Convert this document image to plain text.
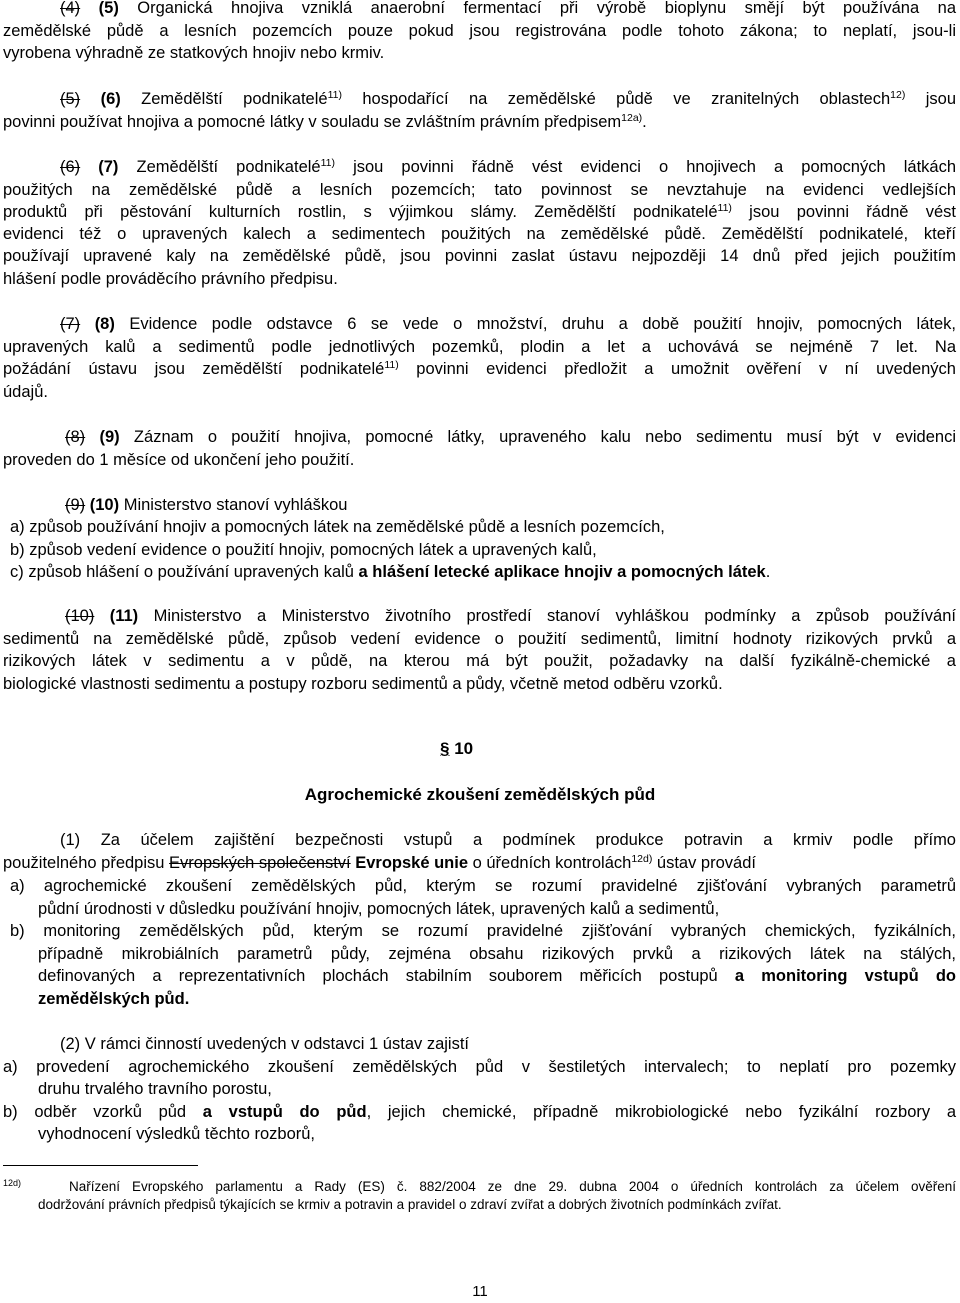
(4) (5) Organická hnojiva vzniklá anaerobní fermentací při výrobě bioplynu smějí být používána na

zemědělské půdě a lesních pozemcích pouze pokud jsou registrována podle tohoto zákona; to neplatí, jsou-li

vyrobena výhradně ze statkových hnojiv nebo krmiv.

(5) (6) Zemědělští podnikatelé$^{11)}$ hospodařící na zemědělské půdě ve zranitelných oblastech$^{12)}$ jsou

povinni používat hnojiva a pomocné látky v souladu se zvláštním právním předpisem$^{12a)}$.

(6) (7) Zemědělští podnikatelé$^{11)}$ jsou povinni řádně vést evidenci o hnojivech a pomocných látkách

použitých na zemědělské půdě a lesních pozemcích; tato povinnost se nevztahuje na evidenci vedlejších

produktů při pěstování kulturních rostlin, s výjimkou slámy. Zemědělští podnikatelé$^{11)}$ jsou povinni řádně vést

evidenci též o upravených kalech a sedimentech použitých na zemědělské půdě. Zemědělští podnikatelé, kteří

používají upravené kaly na zemědělské půdě, jsou povinni zaslat ústavu nejpozději 14 dnů před jejich použitím

hlášení podle prováděcího právního předpisu.

(7) (8) Evidence podle odstavce 6 se vede o množství, druhu a době použití hnojiv, pomocných látek,

upravených kalů a sedimentů podle jednotlivých pozemků, plodin a let a uchovává se nejméně 7 let. Na

požádání ústavu jsou zemědělští podnikatelé$^{11)}$ povinni evidenci předložit a umožnit ověření v ní uvedených

údajů.

(8) (9) Záznam o použití hnojiva, pomocné látky, upraveného kalu nebo sedimentu musí být v evidenci

proveden do 1 měsíce od ukončení jeho použití.

(9) (10) Ministerstvo stanoví vyhláškou

a) způsob používání hnojiv a pomocných látek na zemědělské půdě a lesních pozemcích,

b) způsob vedení evidence o použití hnojiv, pomocných látek a upravených kalů,

c) způsob hlášení o používání upravených kalů a hlášení letecké aplikace hnojiv a pomocných látek.

(10) (11) Ministerstvo a Ministerstvo životního prostředí stanoví vyhláškou podmínky a způsob používání

sedimentů na zemědělské půdě, způsob vedení evidence o použití sedimentů, limitní hodnoty rizikových prvků a

rizikových látek v sedimentu a v půdě, na kterou má být použit, požadavky na další fyzikálně-chemické a

biologické vlastnosti sedimentu a postupy rozboru sedimentů a půdy, včetně metod odběru vzorků.

§ 10

Agrochemické zkoušení zemědělských půd

(1) Za účelem zajištění bezpečnosti vstupů a podmínek produkce potravin a krmiv podle přímo

použitelného předpisu Evropských společenství Evropské unie o úředních kontrolách$^{12d)}$ ústav provádí

a) agrochemické zkoušení zemědělských půd, kterým se rozumí pravidelné zjišťování vybraných parametrů

půdní úrodnosti v důsledku používání hnojiv, pomocných látek, upravených kalů a sedimentů,

b) monitoring zemědělských půd, kterým se rozumí pravidelné zjišťování vybraných chemických, fyzikálních,

případně mikrobiálních parametrů půdy, zejména obsahu rizikových prvků a rizikových látek na stálých,

definovaných a reprezentativních plochách stabilním souborem měřicích postupů a monitoring vstupů do

zemědělských půd.

(2) V rámci činností uvedených v odstavci 1 ústav zajistí

a) provedení agrochemického zkoušení zemědělských půd v šestiletých intervalech; to neplatí pro pozemky

druhu trvalého travního porostu,

b) odběr vzorků půd a vstupů do půd, jejich chemické, případně mikrobiologické nebo fyzikální rozbory a

vyhodnocení výsledků těchto rozborů,

$^{12d)}$	Nařízení Evropského parlamentu a Rady (ES) č. 882/2004 ze dne 29. dubna 2004 o úředních kontrolách za účelem ověření

dodržování právních předpisů týkajících se krmiv a potravin a pravidel o zdraví zvířat a dobrých životních podmínkách zvířat.

11
